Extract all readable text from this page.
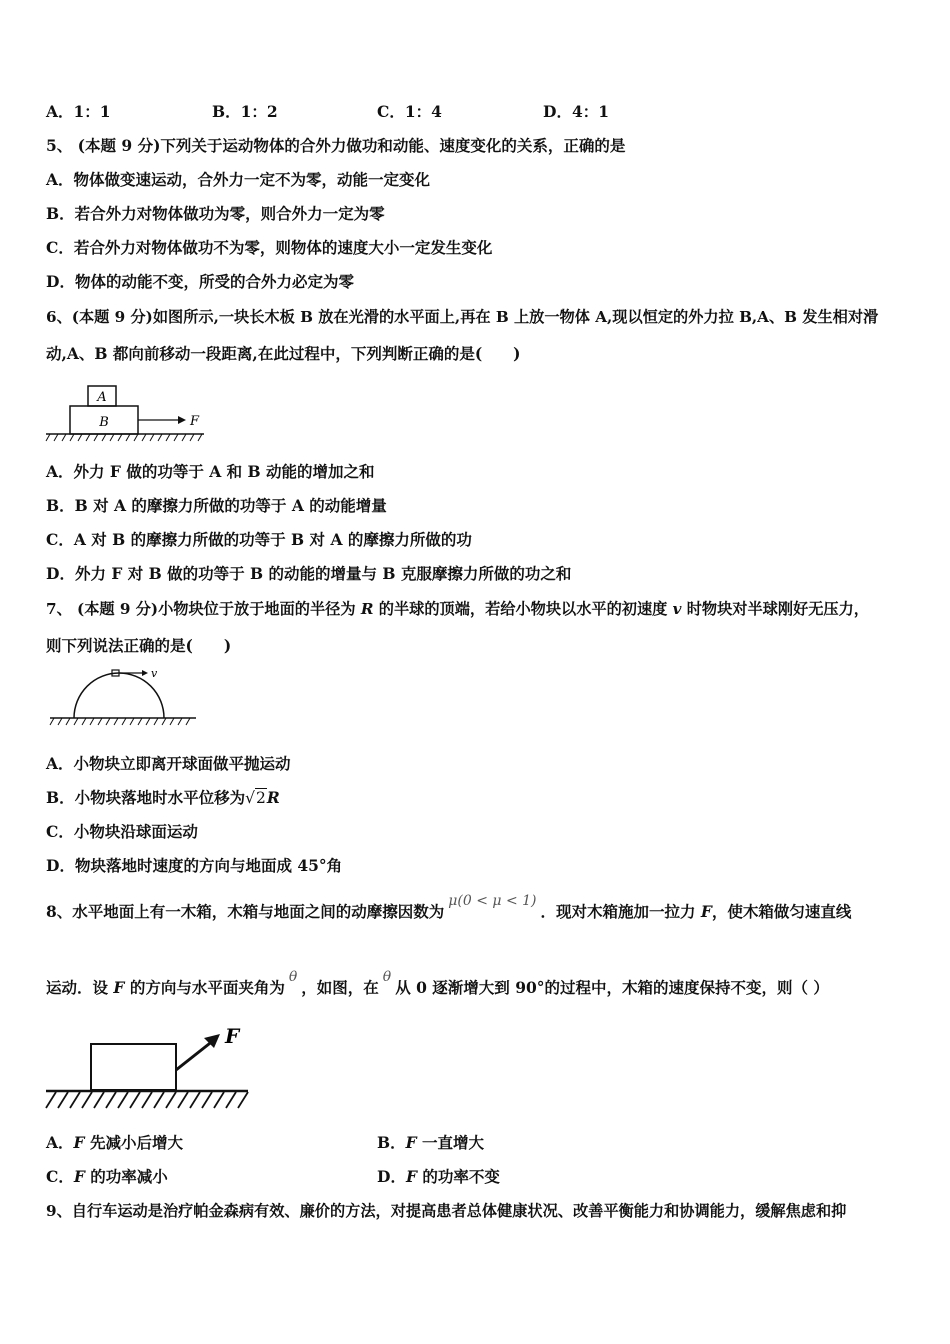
A．1：1	B．1：2	C．1：4	D．4：1
5、 (本题 9 分)下列关于运动物体的合外力做功和动能、速度变化的关系，正确的是
A．物体做变速运动，合外力一定不为零，动能一定变化
B．若合外力对物体做功为零，则合外力一定为零
C．若合外力对物体做功不为零，则物体的速度大小一定发生变化
D．物体的动能不变，所受的合外力必定为零
6、(本题 9 分)如图所示,一块长木板 B 放在光滑的水平面上,再在 B 上放一物体 A,现以恒定的外力拉 B,A、B 发生相对滑
动,A、B 都向前移动一段距离,在此过程中，下列判断正确的是(　　)
A
B	F
A．外力 F 做的功等于 A 和 B 动能的增加之和
B．B 对 A 的摩擦力所做的功等于 A 的动能增量
C．A 对 B 的摩擦力所做的功等于 B 对 A 的摩擦力所做的功
D．外力 F 对 B 做的功等于 B 的动能的增量与 B 克服摩擦力所做的功之和
7、 (本题 9 分)小物块位于放于地面的半径为 R 的半球的顶端，若给小物块以水平的初速度 v 时物块对半球刚好无压力，
则下列说法正确的是(　　)
v
A．小物块立即离开球面做平抛运动
B．小物块落地时水平位移为√2R
C．小物块沿球面运动
D．物块落地时速度的方向与地面成 45°角
8、水平地面上有一木箱，木箱与地面之间的动摩擦因数为μ(0 < μ < 1)．现对木箱施加一拉力 F，使木箱做匀速直线
运动．设 F 的方向与水平面夹角为θ，如图，在θ从 0 逐渐增大到 90°的过程中，木箱的速度保持不变，则（ ）
F
A．F 先减小后增大	B．F 一直增大
C．F 的功率减小	D．F 的功率不变
9、自行车运动是治疗帕金森病有效、廉价的方法，对提高患者总体健康状况、改善平衡能力和协调能力，缓解焦虑和抑
